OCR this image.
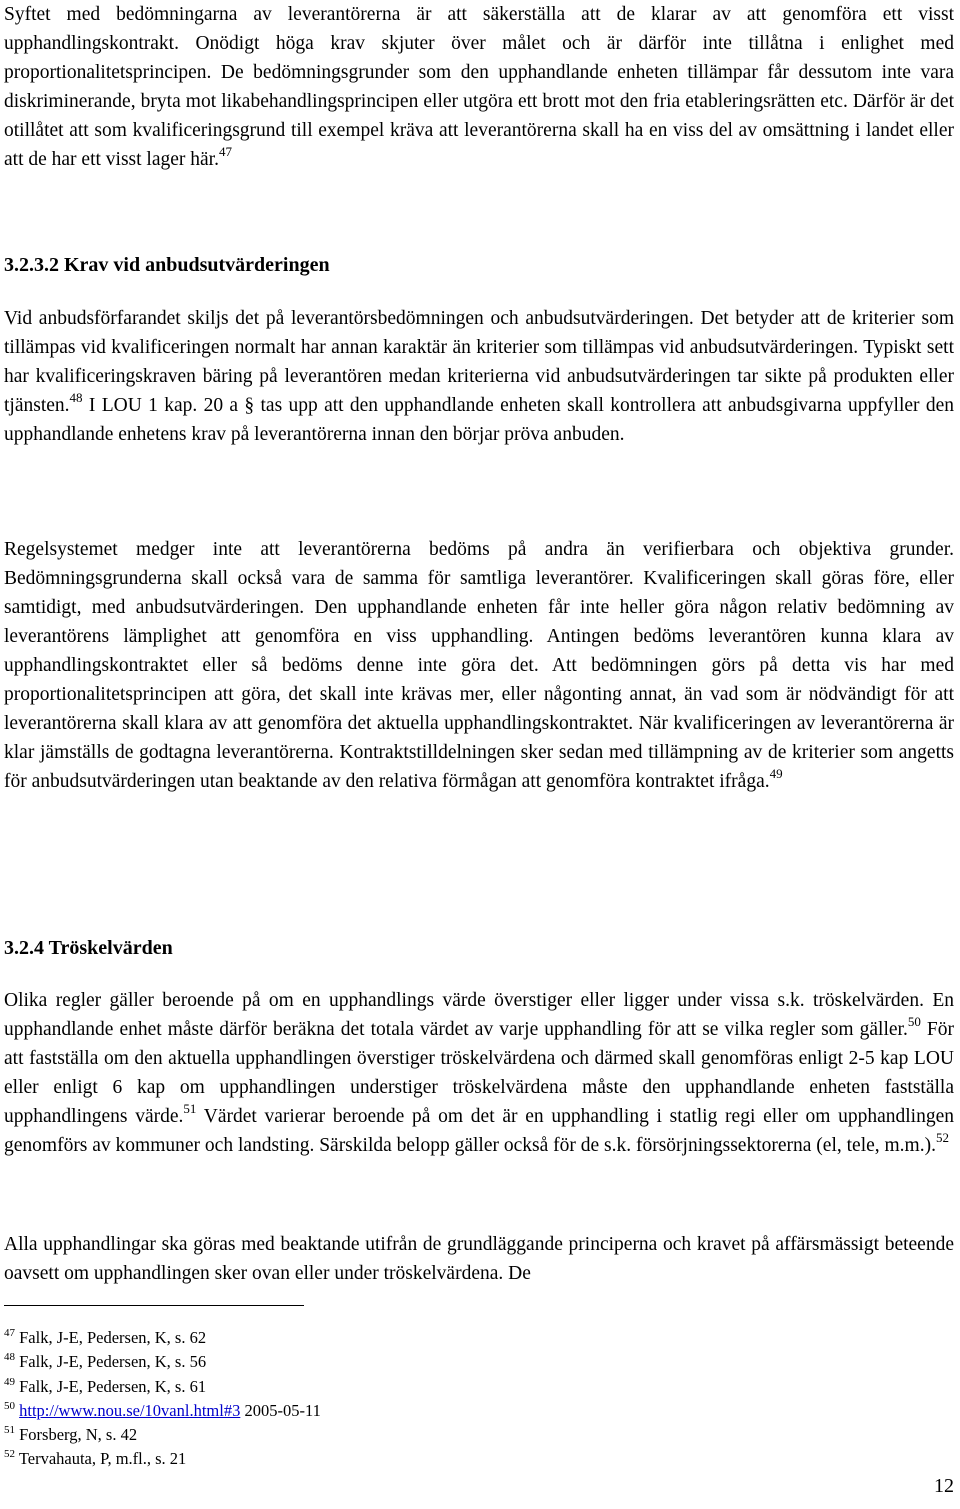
Syftet med bedömningarna av leverantörerna är att säkerställa att de klarar av att genomföra ett visst upphandlingskontrakt. Onödigt höga krav skjuter över målet och är därför inte tillåtna i enlighet med proportionalitetsprincipen. De bedömningsgrunder som den upphandlande enheten tillämpar får dessutom inte vara diskriminerande, bryta mot likabehandlingsprincipen eller utgöra ett brott mot den fria etableringsrätten etc. Därför är det otillåtet att som kvalificeringsgrund till exempel kräva att leverantörerna skall ha en viss del av omsättning i landet eller att de har ett visst lager här.$^{47}$

3.2.3.2 Krav vid anbudsutvärderingen

Vid anbudsförfarandet skiljs det på leverantörsbedömningen och anbudsutvärderingen. Det betyder att de kriterier som tillämpas vid kvalificeringen normalt har annan karaktär än kriterier som tillämpas vid anbudsutvärderingen. Typiskt sett har kvalificeringskraven bäring på leverantören medan kriterierna vid anbudsutvärderingen tar sikte på produkten eller tjänsten.$^{48}$ I LOU 1 kap. 20 a § tas upp att den upphandlande enheten skall kontrollera att anbudsgivarna uppfyller den upphandlande enhetens krav på leverantörerna innan den börjar pröva anbuden.

Regelsystemet medger inte att leverantörerna bedöms på andra än verifierbara och objektiva grunder. Bedömningsgrunderna skall också vara de samma för samtliga leverantörer. Kvalificeringen skall göras före, eller samtidigt, med anbudsutvärderingen. Den upphandlande enheten får inte heller göra någon relativ bedömning av leverantörens lämplighet att genomföra en viss upphandling. Antingen bedöms leverantören kunna klara av upphandlingskontraktet eller så bedöms denne inte göra det. Att bedömningen görs på detta vis har med proportionalitetsprincipen att göra, det skall inte krävas mer, eller någonting annat, än vad som är nödvändigt för att leverantörerna skall klara av att genomföra det aktuella upphandlingskontraktet. När kvalificeringen av leverantörerna är klar jämställs de godtagna leverantörerna. Kontraktstilldelningen sker sedan med tillämpning av de kriterier som angetts för anbudsutvärderingen utan beaktande av den relativa förmågan att genomföra kontraktet ifråga.$^{49}$

3.2.4 Tröskelvärden

Olika regler gäller beroende på om en upphandlings värde överstiger eller ligger under vissa s.k. tröskelvärden. En upphandlande enhet måste därför beräkna det totala värdet av varje upphandling för att se vilka regler som gäller.$^{50}$ För att fastställa om den aktuella upphandlingen överstiger tröskelvärdena och därmed skall genomföras enligt 2-5 kap LOU eller enligt 6 kap om upphandlingen understiger tröskelvärdena måste den upphandlande enheten fastställa upphandlingens värde.$^{51}$ Värdet varierar beroende på om det är en upphandling i statlig regi eller om upphandlingen genomförs av kommuner och landsting. Särskilda belopp gäller också för de s.k. försörjningssektorerna (el, tele, m.m.).$^{52}$

Alla upphandlingar ska göras med beaktande utifrån de grundläggande principerna och kravet på affärsmässigt beteende oavsett om upphandlingen sker ovan eller under tröskelvärdena. De

$^{47}$ Falk, J-E, Pedersen, K, s. 62
$^{48}$ Falk, J-E, Pedersen, K, s. 56
$^{49}$ Falk, J-E, Pedersen, K, s. 61
$^{50}$ http://www.nou.se/10vanl.html#3 2005-05-11
$^{51}$ Forsberg, N, s. 42
$^{52}$ Tervahauta, P, m.fl., s. 21
12
